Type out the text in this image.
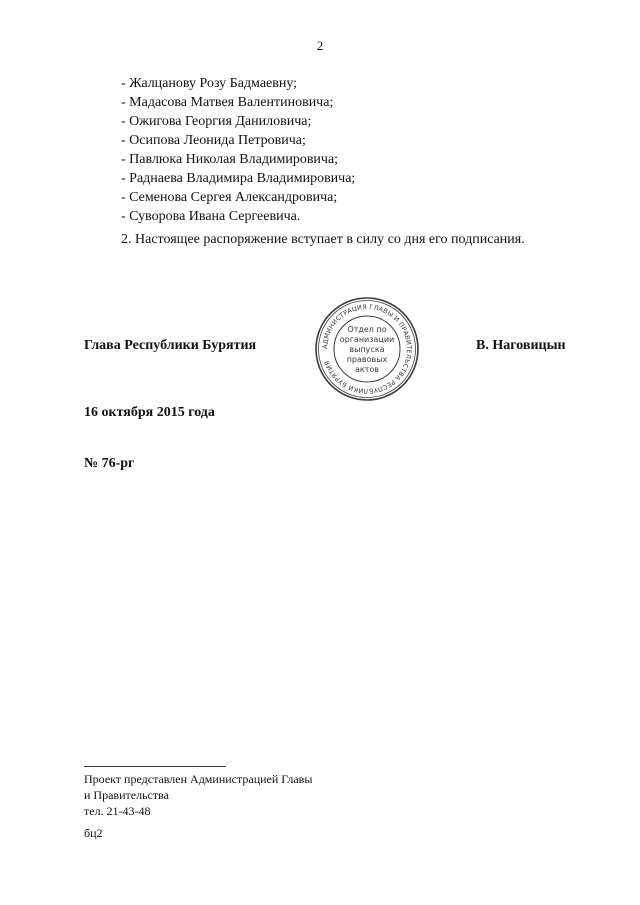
2
- Жалцанову Розу Бадмаевну;
- Мадасова Матвея Валентиновича;
- Ожигова Георгия Даниловича;
- Осипова Леонида Петровича;
- Павлюка Николая Владимировича;
- Раднаева Владимира Владимировича;
- Семенова Сергея Александровича;
- Суворова Ивана Сергеевича.
2. Настоящее распоряжение вступает в силу со дня его подписания.
Глава Республики Бурятия	АДМИНИСТРАЦИЯ ГЛАВЫ И ПРАВИТЕЛЬСТВА РЕСПУБЛИКИ БУРЯТИЯ
Отдел по
организации
выпуска
правовых
актов
В. Наговицын
16 октября 2015 года
№ 76-рг
Проект представлен Администрацией Главы
и Правительства
тел. 21-43-48
бц2
